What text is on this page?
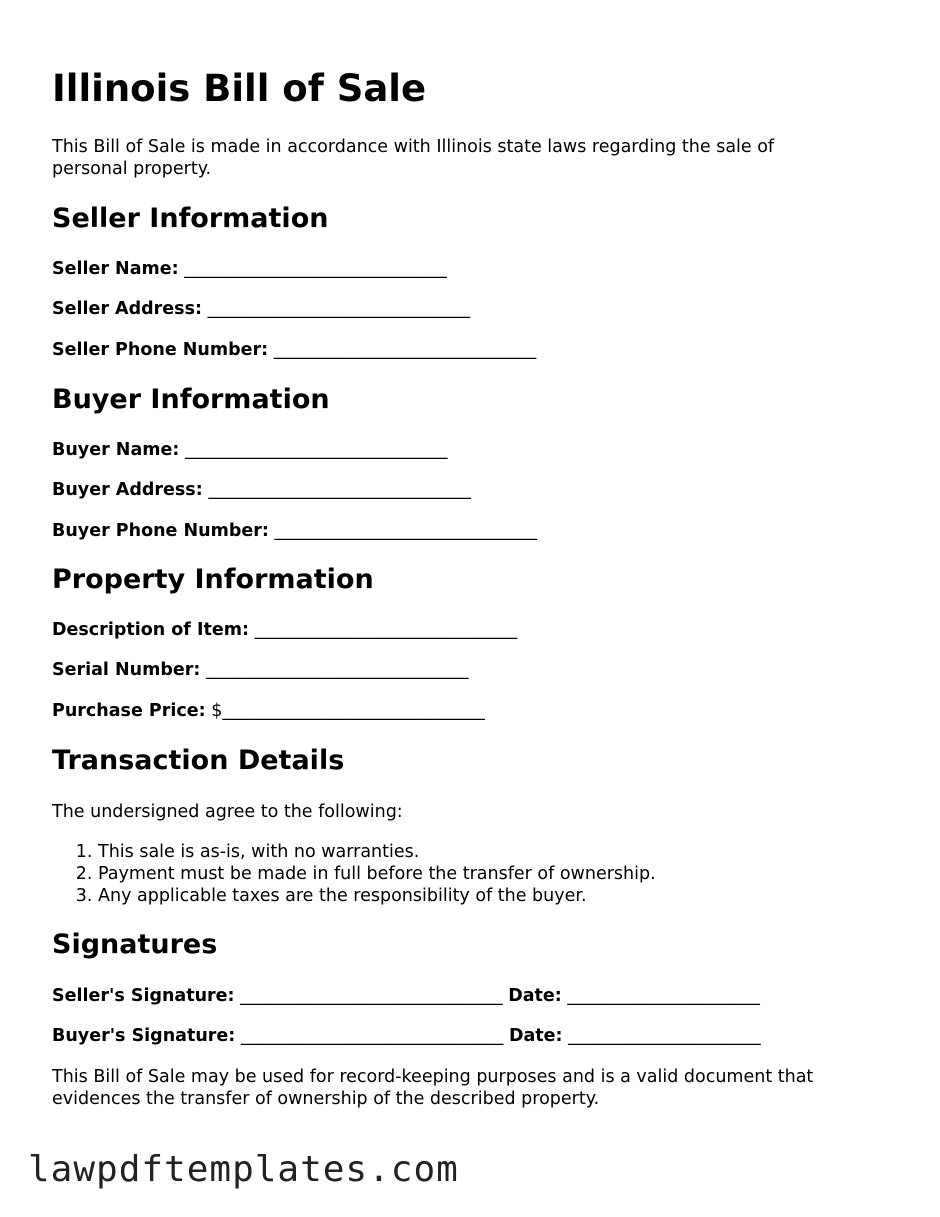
Illinois Bill of Sale

This Bill of Sale is made in accordance with Illinois state laws regarding the sale of personal property.

Seller Information

Seller Name: ______________________________

Seller Address: ______________________________

Seller Phone Number: ______________________________

Buyer Information

Buyer Name: ______________________________

Buyer Address: ______________________________

Buyer Phone Number: ______________________________

Property Information

Description of Item: ______________________________

Serial Number: ______________________________

Purchase Price: $______________________________

Transaction Details

The undersigned agree to the following:

1. This sale is as-is, with no warranties.
2. Payment must be made in full before the transfer of ownership.
3. Any applicable taxes are the responsibility of the buyer.
Signatures

Seller's Signature: ______________________________ Date: ______________________

Buyer's Signature: ______________________________ Date: ______________________

This Bill of Sale may be used for record-keeping purposes and is a valid document that evidences the transfer of ownership of the described property.

lawpdftemplates.com
